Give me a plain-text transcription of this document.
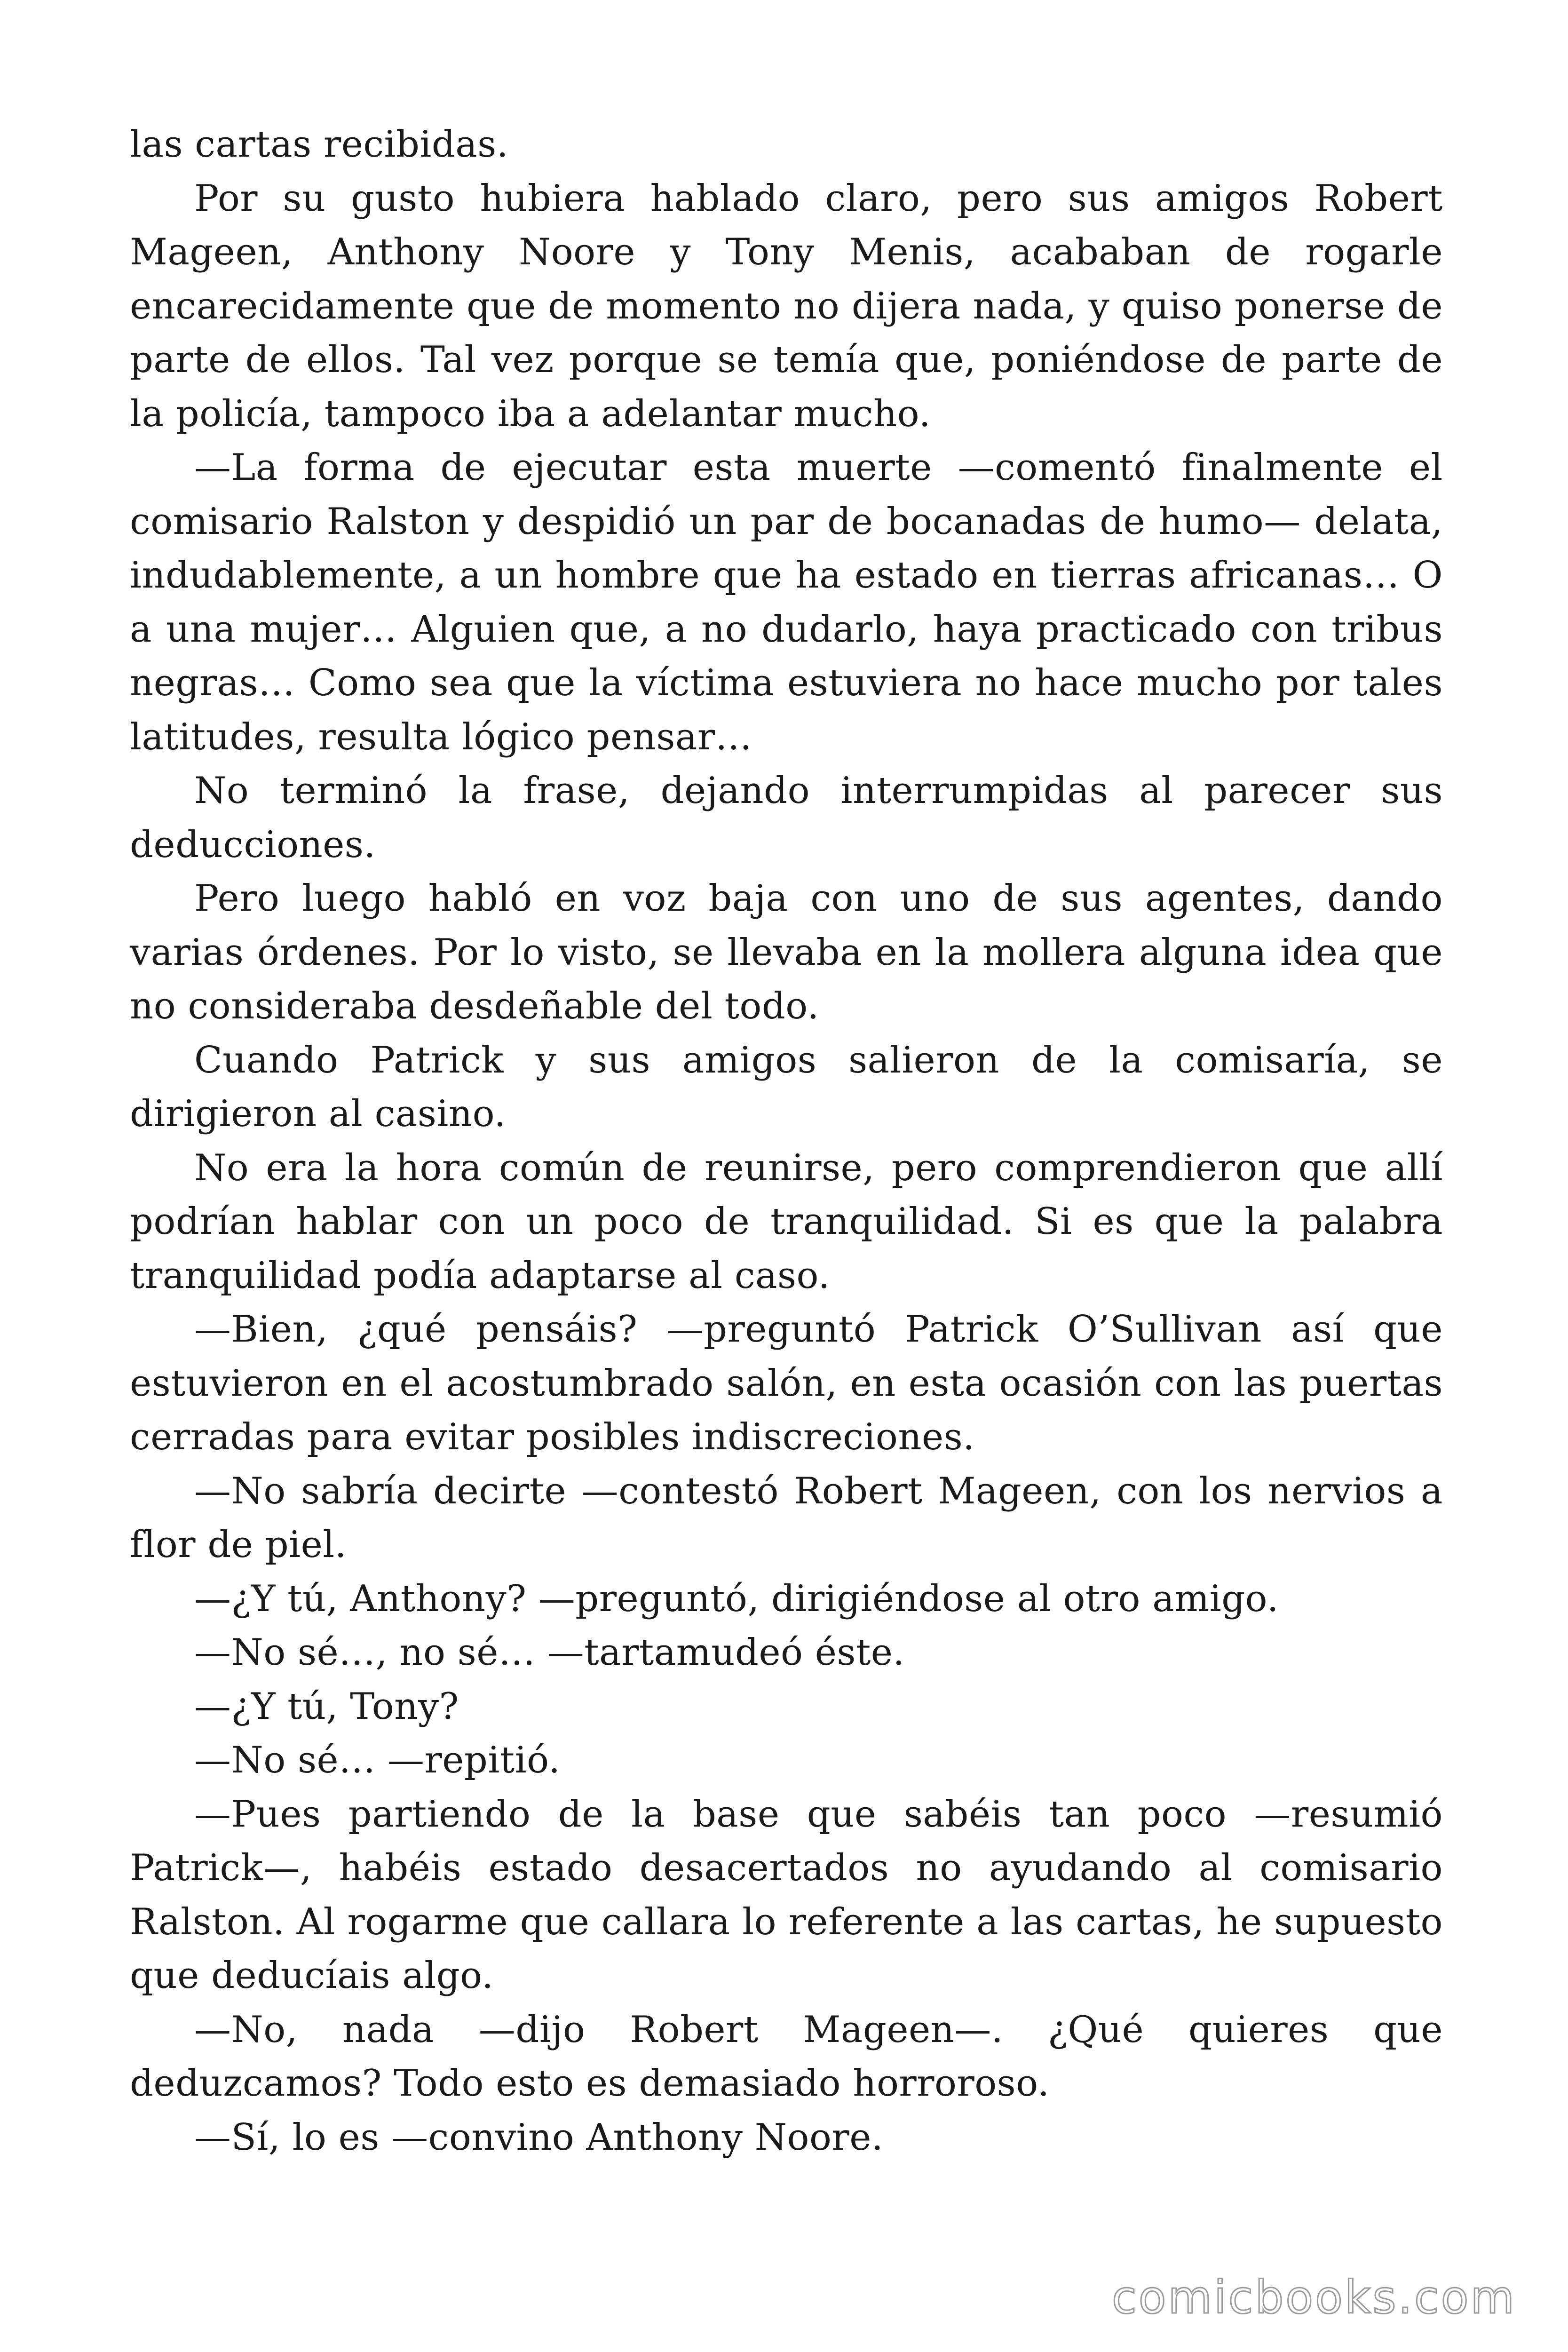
las cartas recibidas.

Por su gusto hubiera hablado claro, pero sus amigos Robert Mageen, Anthony Noore y Tony Menis, acababan de rogarle encarecidamente que de momento no dijera nada, y quiso ponerse de parte de ellos. Tal vez porque se temía que, poniéndose de parte de la policía, tampoco iba a adelantar mucho.

—La forma de ejecutar esta muerte —comentó finalmente el comisario Ralston y despidió un par de bocanadas de humo— delata, indudablemente, a un hombre que ha estado en tierras africanas… O a una mujer… Alguien que, a no dudarlo, haya practicado con tribus negras… Como sea que la víctima estuviera no hace mucho por tales latitudes, resulta lógico pensar…

No terminó la frase, dejando interrumpidas al parecer sus deducciones.

Pero luego habló en voz baja con uno de sus agentes, dando varias órdenes. Por lo visto, se llevaba en la mollera alguna idea que no consideraba desdeñable del todo.

Cuando Patrick y sus amigos salieron de la comisaría, se dirigieron al casino.

No era la hora común de reunirse, pero comprendieron que allí podrían hablar con un poco de tranquilidad. Si es que la palabra tranquilidad podía adaptarse al caso.

—Bien, ¿qué pensáis? —preguntó Patrick O’Sullivan así que estuvieron en el acostumbrado salón, en esta ocasión con las puertas cerradas para evitar posibles indiscreciones.

—No sabría decirte —contestó Robert Mageen, con los nervios a flor de piel.

—¿Y tú, Anthony? —preguntó, dirigiéndose al otro amigo.

—No sé…, no sé… —tartamudeó éste.

—¿Y tú, Tony?

—No sé… —repitió.

—Pues partiendo de la base que sabéis tan poco —resumió Patrick—, habéis estado desacertados no ayudando al comisario Ralston. Al rogarme que callara lo referente a las cartas, he supuesto que deducíais algo.

—No, nada —dijo Robert Mageen—. ¿Qué quieres que deduzcamos? Todo esto es demasiado horroroso.

—Sí, lo es —convino Anthony Noore.

comicbooks.com
